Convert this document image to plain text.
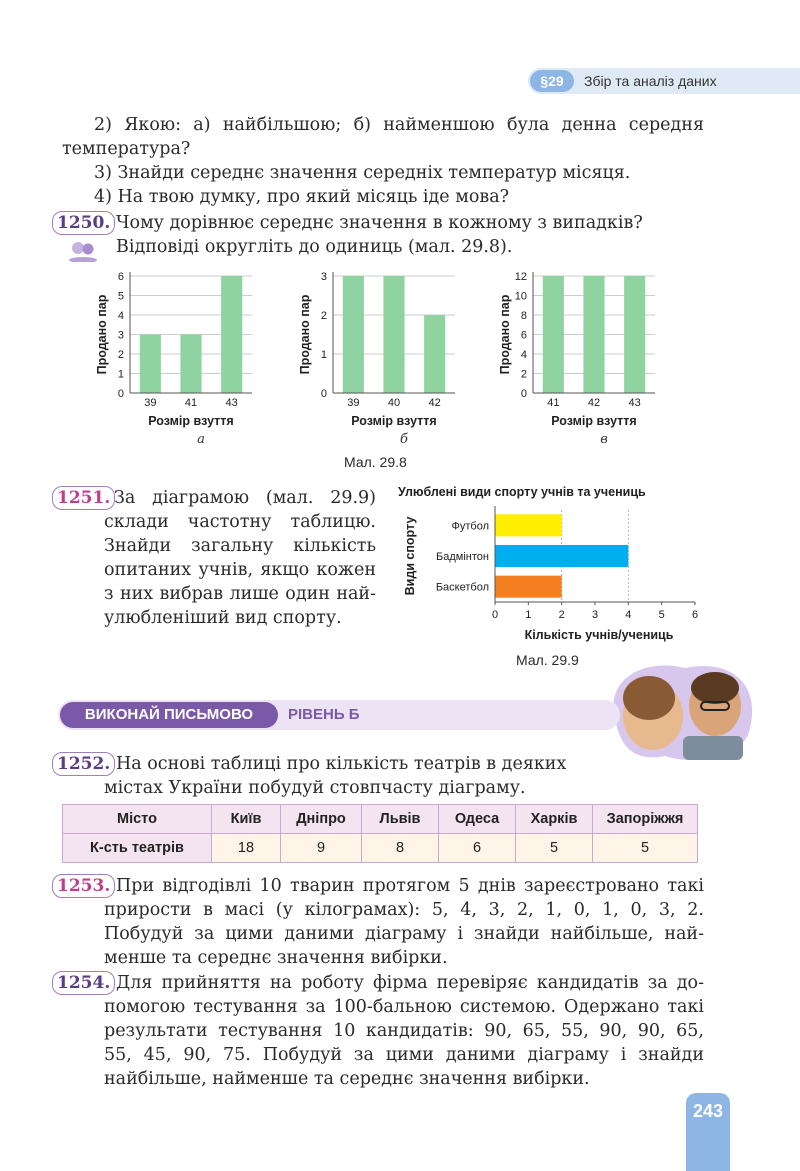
§29	Збір та аналіз даних
2) Якою: а) найбільшою; б) найменшою була денна середня
температура?
3) Знайди середнє значення середніх температур місяця.
4) На твою думку, про який місяць іде мова?
1250. Чому дорівнює середнє значення в кожному з випадків?
Відповіді округліть до одиниць (мал. 29.8).
0
1
2
3
4
5
6
39	41	43
Продано пар
Розмір взуття
а
0
1
2
3
39	40	42
Продано пар
Розмір взуття
б
0
2
4
6
8
10
12
41	42	43
Продано пар
Розмір взуття
в
Мал. 29.8
1251. За діаграмою (мал. 29.9)
склади частотну таблицю.
Знайди загальну кількість
опитаних учнів, якщо кожен
з них вибрав лише один най-
улюбленіший вид спорту.
Улюблені види спорту учнів та учениць
Футбол
Бадмінтон
Баскетбол
0 1 2 3 4 5 6
Види спорту
Кількість учнів/учениць
Мал. 29.9
ВИКОНАЙ ПИСЬМОВО	РІВЕНЬ Б
1252. На основі таблиці про кількість театрів в деяких
містах України побудуй стовпчасту діаграму.
Місто	Київ	Дніпро	Львів	Одеса	Харків	Запоріжжя
К-сть театрів	18	9	8	6	5	5
1253. При відгодівлі 10 тварин протягом 5 днів зареєстровано такі
прирости в масі (у кілограмах): 5, 4, 3, 2, 1, 0, 1, 0, 3, 2.
Побудуй за цими даними діаграму і знайди найбільше, най-
менше та середнє значення вибірки.
1254. Для прийняття на роботу фірма перевіряє кандидатів за до-
помогою тестування за 100-бальною системою. Одержано такі
результати тестування 10 кандидатів: 90, 65, 55, 90, 90, 65,
55, 45, 90, 75. Побудуй за цими даними діаграму і знайди
найбільше, найменше та середнє значення вибірки.
243
